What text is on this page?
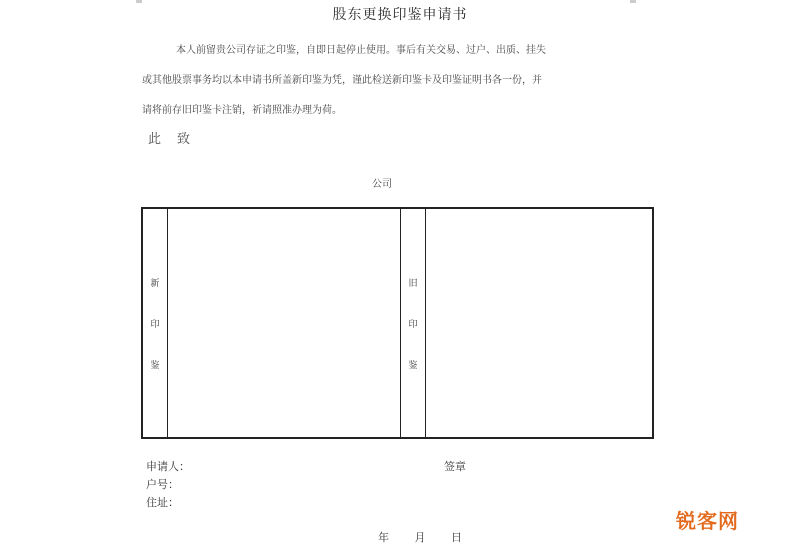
股东更换印鉴申请书
本人前留贵公司存证之印鉴，自即日起停止使用。事后有关交易、过户、出质、挂失
或其他股票事务均以本申请书所盖新印鉴为凭，谨此检送新印鉴卡及印鉴证明书各一份，并
请将前存旧印鉴卡注销，祈请照准办理为荷。
此致
公司
新
印
鉴
旧
印
鉴
申请人：
户号：
住址：
签章
年 月 日
锐客网
